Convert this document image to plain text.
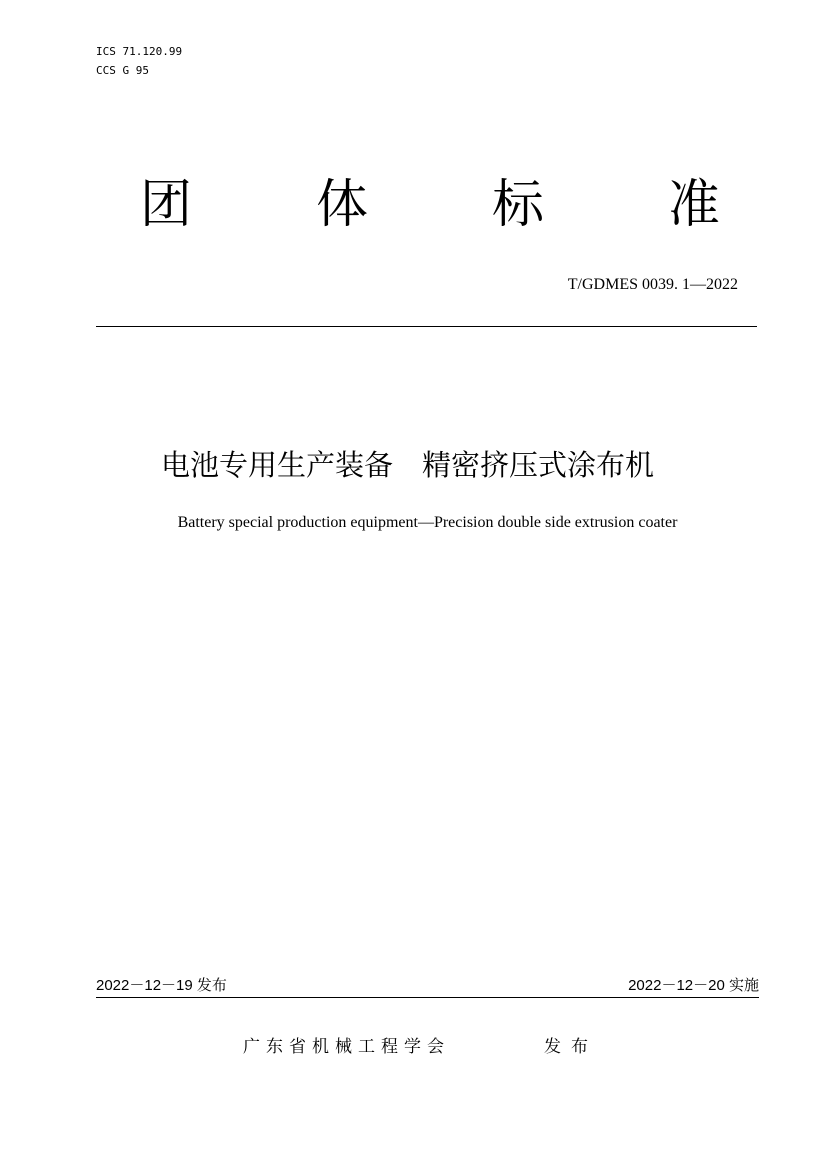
ICS 71.120.99
CCS G 95
团 体 标 准
T/GDMES 0039. 1—2022
电池专用生产装备　精密挤压式涂布机
Battery special production equipment—Precision double side extrusion coater
2022－12－19 发布	2022－12－20 实施
广东省机械工程学会	发布
